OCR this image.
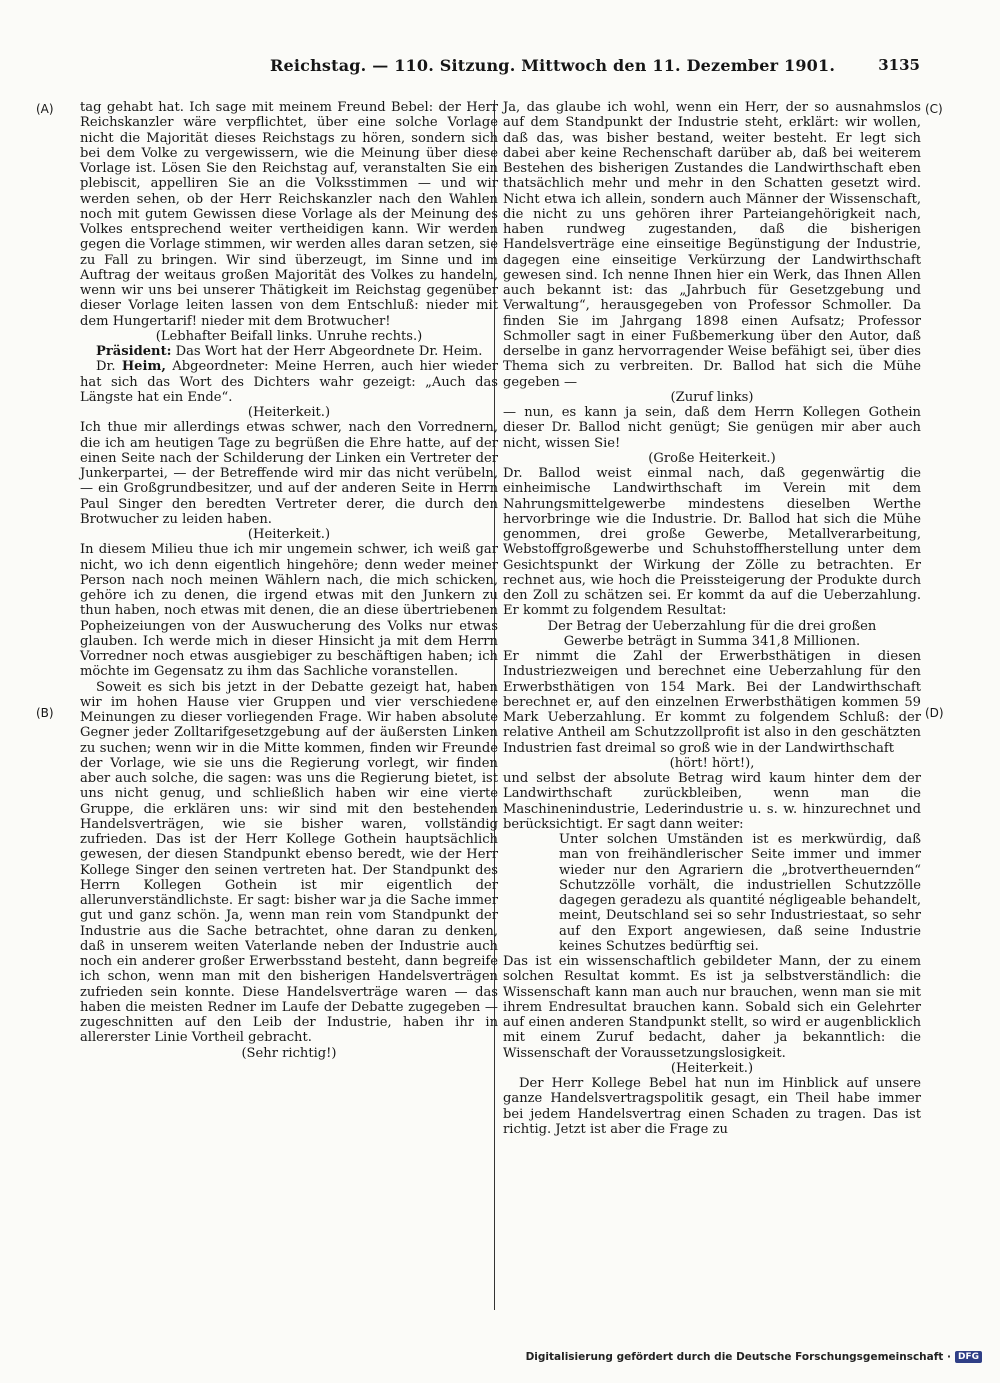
Reichstag. — 110. Sitzung. Mittwoch den 11. Dezember 1901.	3135
(A)
(B)
(C)
(D)

tag gehabt hat. Ich sage mit meinem Freund Bebel: der Herr Reichskanzler wäre verpflichtet, über eine solche Vorlage nicht die Majorität dieses Reichstags zu hören, sondern sich bei dem Volke zu vergewissern, wie die Meinung über diese Vorlage ist. Lösen Sie den Reichstag auf, veranstalten Sie ein plebiscit, appelliren Sie an die Volksstimmen — und wir werden sehen, ob der Herr Reichskanzler nach den Wahlen noch mit gutem Gewissen diese Vorlage als der Meinung des Volkes entsprechend weiter vertheidigen kann. Wir werden gegen die Vorlage stimmen, wir werden alles daran setzen, sie zu Fall zu bringen. Wir sind überzeugt, im Sinne und im Auftrag der weitaus großen Majorität des Volkes zu handeln, wenn wir uns bei unserer Thätigkeit im Reichstag gegenüber dieser Vorlage leiten lassen von dem Entschluß: nieder mit dem Hungertarif! nieder mit dem Brotwucher!

(Lebhafter Beifall links. Unruhe rechts.)

Präsident: Das Wort hat der Herr Abgeordnete Dr. Heim.

Dr. Heim, Abgeordneter: Meine Herren, auch hier wieder hat sich das Wort des Dichters wahr gezeigt: „Auch das Längste hat ein Ende“.

(Heiterkeit.)

Ich thue mir allerdings etwas schwer, nach den Vorrednern, die ich am heutigen Tage zu begrüßen die Ehre hatte, auf der einen Seite nach der Schilderung der Linken ein Vertreter der Junkerpartei, — der Betreffende wird mir das nicht verübeln, — ein Großgrundbesitzer, und auf der anderen Seite in Herrn Paul Singer den beredten Vertreter derer, die durch den Brotwucher zu leiden haben.

(Heiterkeit.)

In diesem Milieu thue ich mir ungemein schwer, ich weiß gar nicht, wo ich denn eigentlich hingehöre; denn weder meiner Person nach noch meinen Wählern nach, die mich schicken, gehöre ich zu denen, die irgend etwas mit den Junkern zu thun haben, noch etwas mit denen, die an diese übertriebenen Popheizeiungen von der Auswucherung des Volks nur etwas glauben. Ich werde mich in dieser Hinsicht ja mit dem Herrn Vorredner noch etwas ausgiebiger zu beschäftigen haben; ich möchte im Gegensatz zu ihm das Sachliche voranstellen.

Soweit es sich bis jetzt in der Debatte gezeigt hat, haben wir im hohen Hause vier Gruppen und vier verschiedene Meinungen zu dieser vorliegenden Frage. Wir haben absolute Gegner jeder Zolltarifgesetzgebung auf der äußersten Linken zu suchen; wenn wir in die Mitte kommen, finden wir Freunde der Vorlage, wie sie uns die Regierung vorlegt, wir finden aber auch solche, die sagen: was uns die Regierung bietet, ist uns nicht genug, und schließlich haben wir eine vierte Gruppe, die erklären uns: wir sind mit den bestehenden Handelsverträgen, wie sie bisher waren, vollständig zufrieden. Das ist der Herr Kollege Gothein hauptsächlich gewesen, der diesen Standpunkt ebenso beredt, wie der Herr Kollege Singer den seinen vertreten hat. Der Standpunkt des Herrn Kollegen Gothein ist mir eigentlich der allerunverständlichste. Er sagt: bisher war ja die Sache immer gut und ganz schön. Ja, wenn man rein vom Standpunkt der Industrie aus die Sache betrachtet, ohne daran zu denken, daß in unserem weiten Vaterlande neben der Industrie auch noch ein anderer großer Erwerbsstand besteht, dann begreife ich schon, wenn man mit den bisherigen Handelsverträgen zufrieden sein konnte. Diese Handelsverträge waren — das haben die meisten Redner im Laufe der Debatte zugegeben — zugeschnitten auf den Leib der Industrie, haben ihr in allererster Linie Vortheil gebracht.

(Sehr richtig!)

Ja, das glaube ich wohl, wenn ein Herr, der so ausnahmslos auf dem Standpunkt der Industrie steht, erklärt: wir wollen, daß das, was bisher bestand, weiter besteht. Er legt sich dabei aber keine Rechenschaft darüber ab, daß bei weiterem Bestehen des bisherigen Zustandes die Landwirthschaft eben thatsächlich mehr und mehr in den Schatten gesetzt wird. Nicht etwa ich allein, sondern auch Männer der Wissenschaft, die nicht zu uns gehören ihrer Parteiangehörigkeit nach, haben rundweg zugestanden, daß die bisherigen Handelsverträge eine einseitige Begünstigung der Industrie, dagegen eine einseitige Verkürzung der Landwirthschaft gewesen sind. Ich nenne Ihnen hier ein Werk, das Ihnen Allen auch bekannt ist: das „Jahrbuch für Gesetzgebung und Verwaltung“, herausgegeben von Professor Schmoller. Da finden Sie im Jahrgang 1898 einen Aufsatz; Professor Schmoller sagt in einer Fußbemerkung über den Autor, daß derselbe in ganz hervorragender Weise befähigt sei, über dies Thema sich zu verbreiten. Dr. Ballod hat sich die Mühe gegeben —

(Zuruf links)

— nun, es kann ja sein, daß dem Herrn Kollegen Gothein dieser Dr. Ballod nicht genügt; Sie genügen mir aber auch nicht, wissen Sie!

(Große Heiterkeit.)

Dr. Ballod weist einmal nach, daß gegenwärtig die einheimische Landwirthschaft im Verein mit dem Nahrungsmittelgewerbe mindestens dieselben Werthe hervorbringe wie die Industrie. Dr. Ballod hat sich die Mühe genommen, drei große Gewerbe, Metallverarbeitung, Webstoffgroßgewerbe und Schuhstoffherstellung unter dem Gesichtspunkt der Wirkung der Zölle zu betrachten. Er rechnet aus, wie hoch die Preissteigerung der Produkte durch den Zoll zu schätzen sei. Er kommt da auf die Ueberzahlung. Er kommt zu folgendem Resultat:

Der Betrag der Ueberzahlung für die drei großen Gewerbe beträgt in Summa 341,8 Millionen.

Er nimmt die Zahl der Erwerbsthätigen in diesen Industriezweigen und berechnet eine Ueberzahlung für den Erwerbsthätigen von 154 Mark. Bei der Landwirthschaft berechnet er, auf den einzelnen Erwerbsthätigen kommen 59 Mark Ueberzahlung. Er kommt zu folgendem Schluß: der relative Antheil am Schutzzollprofit ist also in den geschätzten Industrien fast dreimal so groß wie in der Landwirthschaft

(hört! hört!),

und selbst der absolute Betrag wird kaum hinter dem der Landwirthschaft zurückbleiben, wenn man die Maschinenindustrie, Lederindustrie u. s. w. hinzurechnet und berücksichtigt. Er sagt dann weiter:

Unter solchen Umständen ist es merkwürdig, daß man von freihändlerischer Seite immer und immer wieder nur den Agrariern die „brotvertheuernden“ Schutzzölle vorhält, die industriellen Schutzzölle dagegen geradezu als quantité négligeable behandelt, meint, Deutschland sei so sehr Industriestaat, so sehr auf den Export angewiesen, daß seine Industrie keines Schutzes bedürftig sei.

Das ist ein wissenschaftlich gebildeter Mann, der zu einem solchen Resultat kommt. Es ist ja selbstverständlich: die Wissenschaft kann man auch nur brauchen, wenn man sie mit ihrem Endresultat brauchen kann. Sobald sich ein Gelehrter auf einen anderen Standpunkt stellt, so wird er augenblicklich mit einem Zuruf bedacht, daher ja bekanntlich: die Wissenschaft der Voraussetzungslosigkeit.

(Heiterkeit.)

Der Herr Kollege Bebel hat nun im Hinblick auf unsere ganze Handelsvertragspolitik gesagt, ein Theil habe immer bei jedem Handelsvertrag einen Schaden zu tragen. Das ist richtig. Jetzt ist aber die Frage zu

Digitalisierung gefördert durch die Deutsche Forschungsgemeinschaft · DFG
